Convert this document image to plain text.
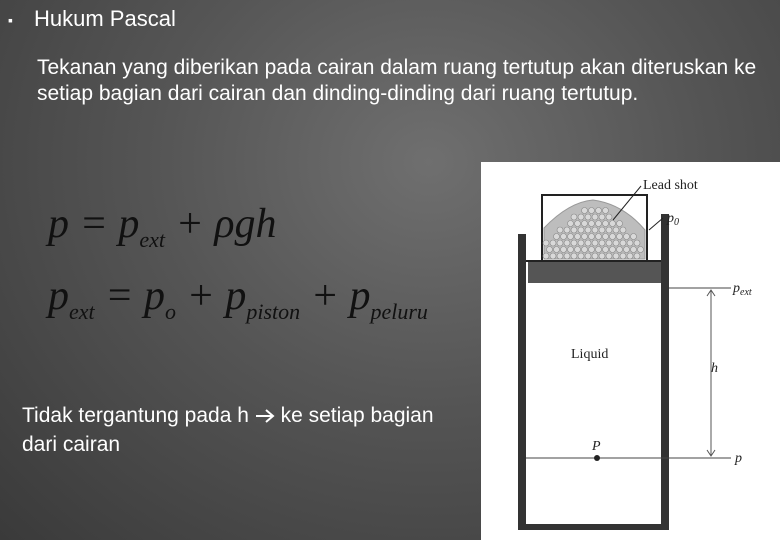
▪ Hukum Pascal
Tekanan yang diberikan pada cairan dalam ruang tertutup akan diteruskan ke setiap bagian dari cairan dan dinding-dinding dari ruang tertutup.
$p = p_{ext} + \rho gh$
$p_{ext} = p_o + p_{piston} + p_{peluru}$
Tidak tergantung pada h ke setiap bagian dari cairan
Lead shot
$p_0$
$p_{ext}$
h
Liquid
P
p
